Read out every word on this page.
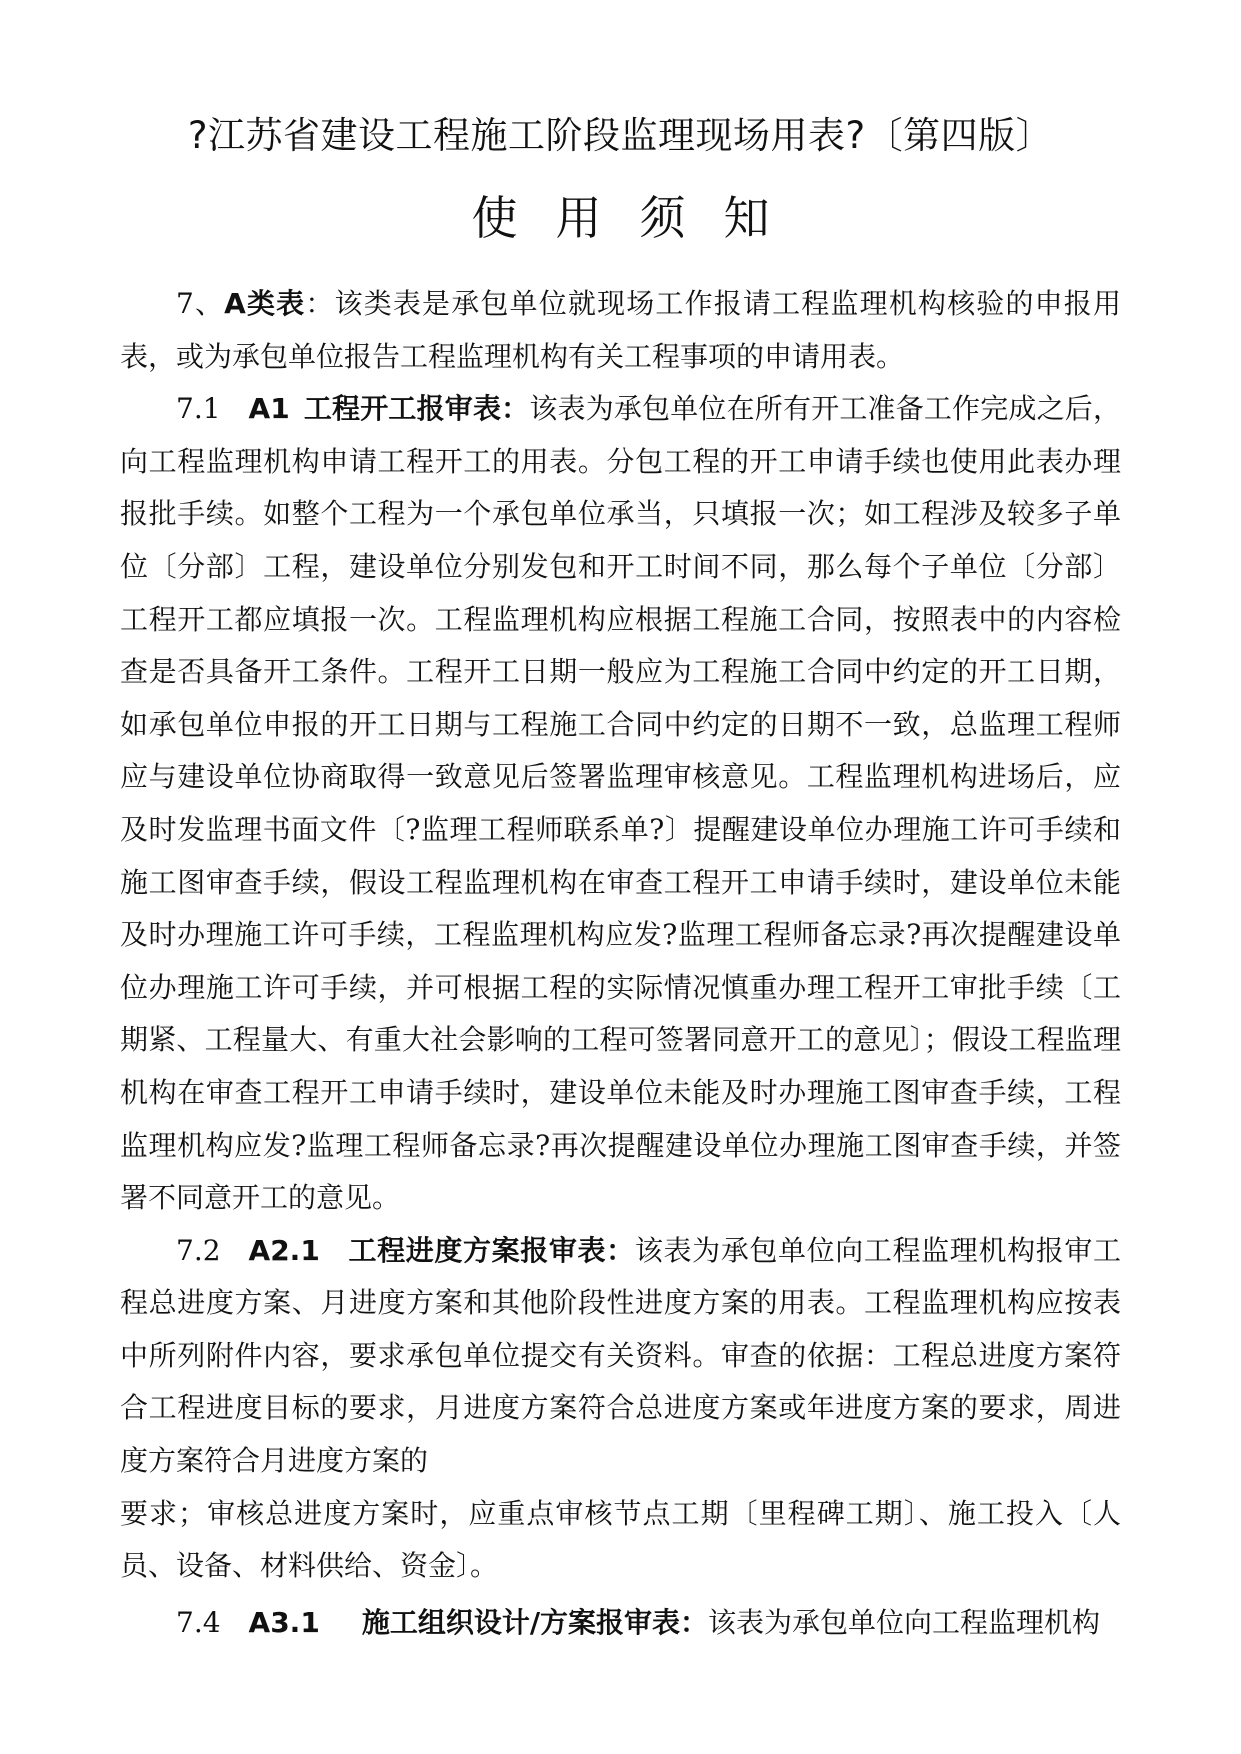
?江苏省建设工程施工阶段监理现场用表?〔第四版〕
使用须知

7、A类表：该类表是承包单位就现场工作报请工程监理机构核验的申报用表，或为承包单位报告工程监理机构有关工程事项的申请用表。

7.1 A1 工程开工报审表：该表为承包单位在所有开工准备工作完成之后，向工程监理机构申请工程开工的用表。分包工程的开工申请手续也使用此表办理报批手续。如整个工程为一个承包单位承当，只填报一次；如工程涉及较多子单位〔分部〕工程，建设单位分别发包和开工时间不同，那么每个子单位〔分部〕工程开工都应填报一次。工程监理机构应根据工程施工合同，按照表中的内容检查是否具备开工条件。工程开工日期一般应为工程施工合同中约定的开工日期，如承包单位申报的开工日期与工程施工合同中约定的日期不一致，总监理工程师应与建设单位协商取得一致意见后签署监理审核意见。工程监理机构进场后，应及时发监理书面文件〔?监理工程师联系单?〕提醒建设单位办理施工许可手续和施工图审查手续，假设工程监理机构在审查工程开工申请手续时，建设单位未能及时办理施工许可手续，工程监理机构应发?监理工程师备忘录?再次提醒建设单位办理施工许可手续，并可根据工程的实际情况慎重办理工程开工审批手续〔工期紧、工程量大、有重大社会影响的工程可签署同意开工的意见〕；假设工程监理机构在审查工程开工申请手续时，建设单位未能及时办理施工图审查手续，工程监理机构应发?监理工程师备忘录?再次提醒建设单位办理施工图审查手续，并签署不同意开工的意见。

7.2 A2.1 工程进度方案报审表：该表为承包单位向工程监理机构报审工程总进度方案、月进度方案和其他阶段性进度方案的用表。工程监理机构应按表中所列附件内容，要求承包单位提交有关资料。审查的依据：工程总进度方案符合工程进度目标的要求，月进度方案符合总进度方案或年进度方案的要求，周进度方案符合月进度方案的

要求；审核总进度方案时，应重点审核节点工期〔里程碑工期〕、施工投入〔人员、设备、材料供给、资金〕。

7.4 A3.1 施工组织设计/方案报审表：该表为承包单位向工程监理机构
